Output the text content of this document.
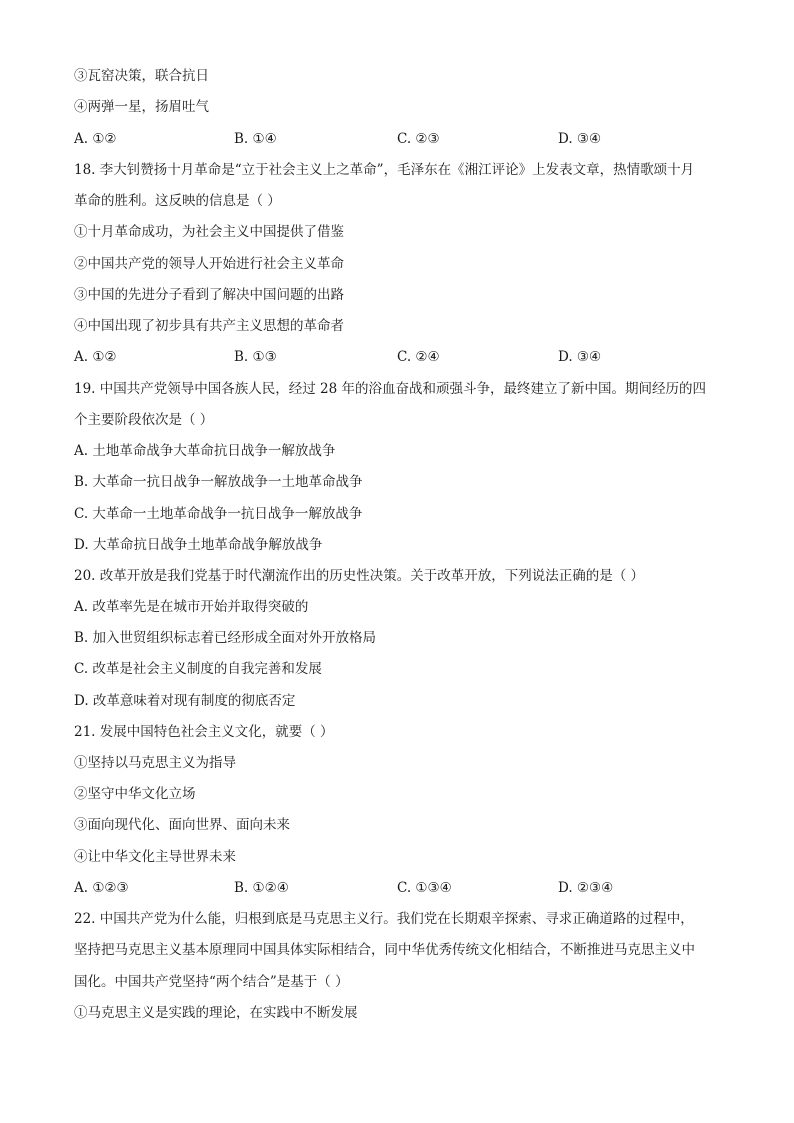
③瓦窑决策，联合抗日
④两弹一星，扬眉吐气
A. ①②	B. ①④	C. ②③	D. ③④
18. 李大钊赞扬十月革命是“立于社会主义上之革命”，毛泽东在《湘江评论》上发表文章，热情歌颂十月
革命的胜利。这反映的信息是（ ）
①十月革命成功，为社会主义中国提供了借鉴
②中国共产党的领导人开始进行社会主义革命
③中国的先进分子看到了解决中国问题的出路
④中国出现了初步具有共产主义思想的革命者
A. ①②	B. ①③	C. ②④	D. ③④
19. 中国共产党领导中国各族人民，经过 28 年的浴血奋战和顽强斗争，最终建立了新中国。期间经历的四
个主要阶段依次是（ ）
A. 土地革命战争大革命抗日战争一解放战争
B. 大革命一抗日战争一解放战争一土地革命战争
C. 大革命一土地革命战争一抗日战争一解放战争
D. 大革命抗日战争土地革命战争解放战争
20. 改革开放是我们党基于时代潮流作出的历史性决策。关于改革开放，下列说法正确的是（ ）
A. 改革率先是在城市开始并取得突破的
B. 加入世贸组织标志着已经形成全面对外开放格局
C. 改革是社会主义制度的自我完善和发展
D. 改革意味着对现有制度的彻底否定
21. 发展中国特色社会主义文化，就要（ ）
①坚持以马克思主义为指导
②坚守中华文化立场
③面向现代化、面向世界、面向未来
④让中华文化主导世界未来
A. ①②③	B. ①②④	C. ①③④	D. ②③④
22. 中国共产党为什么能，归根到底是马克思主义行。我们党在长期艰辛探索、寻求正确道路的过程中，
坚持把马克思主义基本原理同中国具体实际相结合，同中华优秀传统文化相结合，不断推进马克思主义中
国化。中国共产党坚持“两个结合”是基于（ ）
①马克思主义是实践的理论，在实践中不断发展
